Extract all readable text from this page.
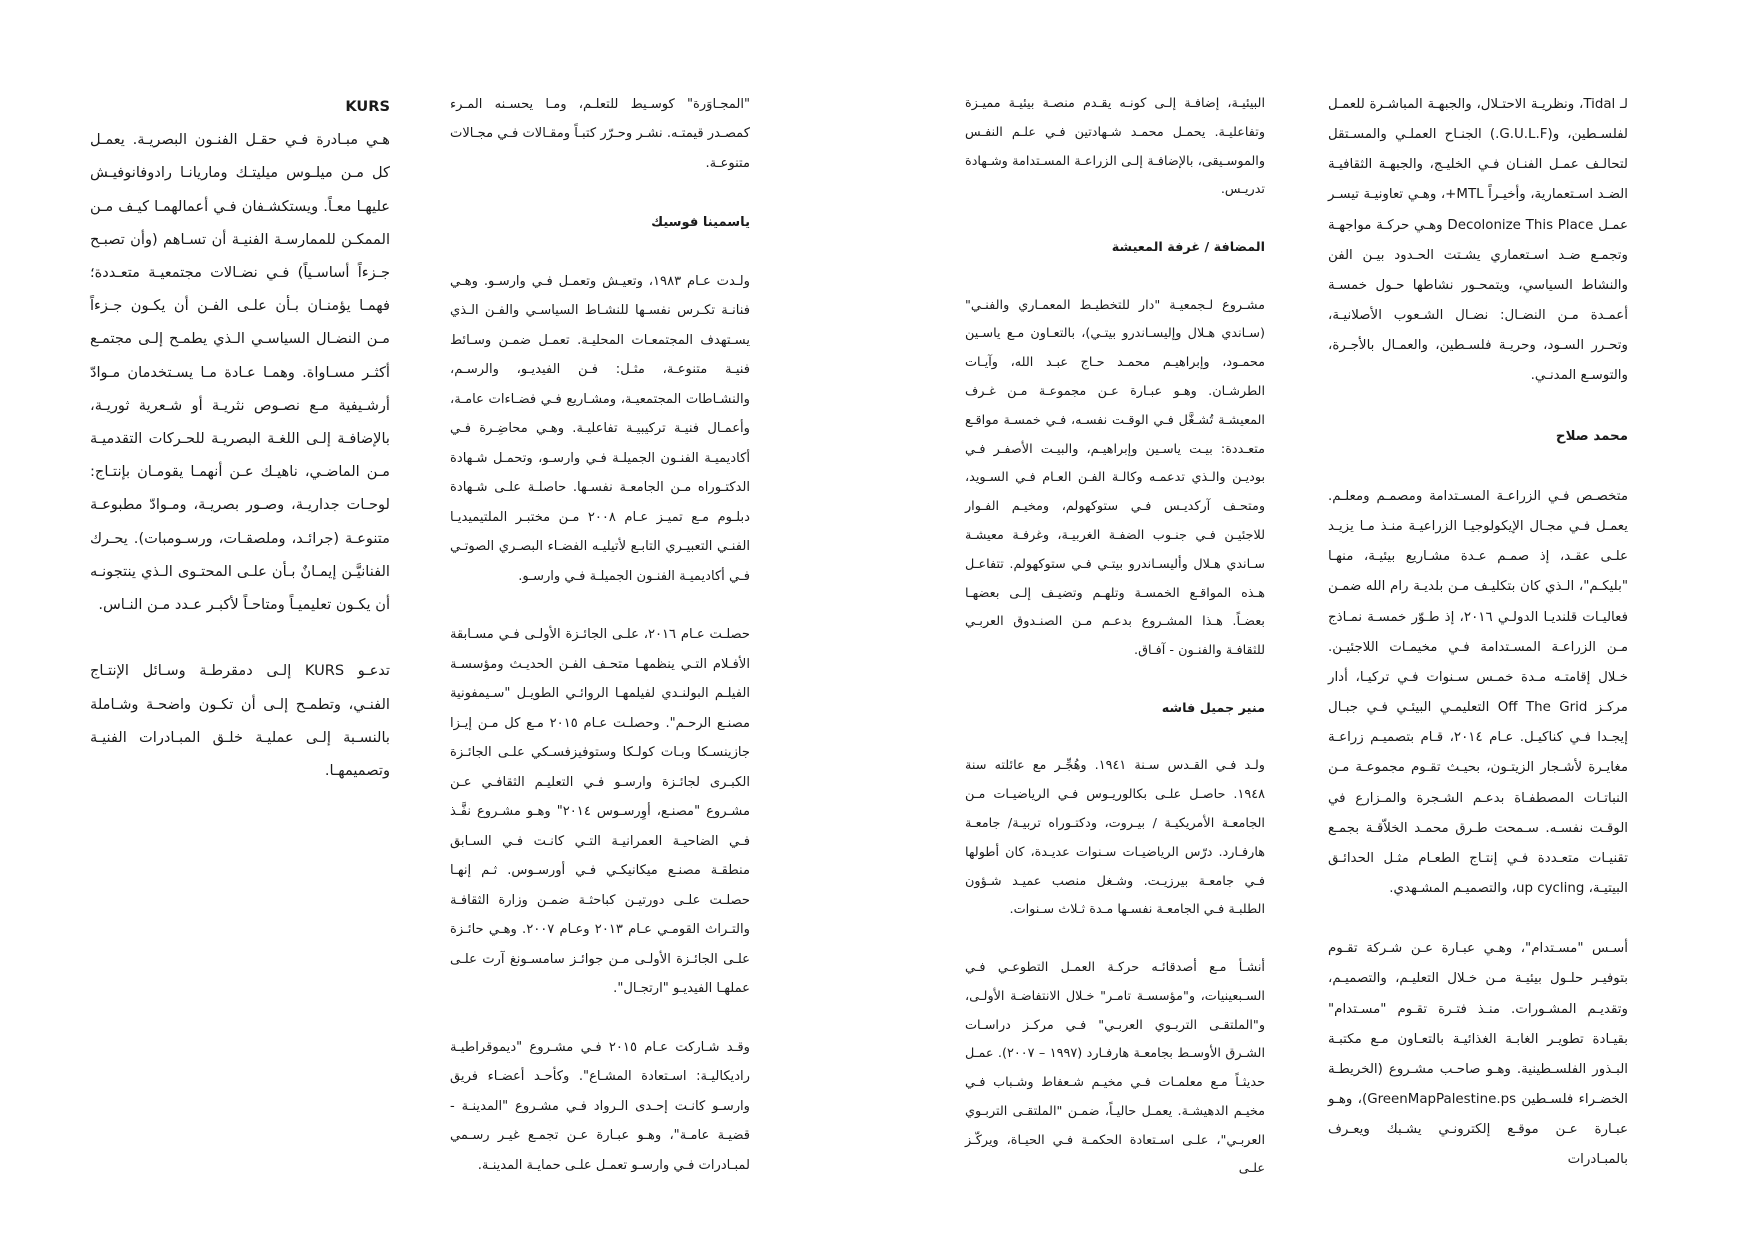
لـ Tidal، ونظريـة الاحتـلال، والجبهـة المباشـرة للعمـل لفلسـطين، و(G.U.L.F.) الجنـاح العملـي والمسـتقل لتحالـف عمـل الفنـان فـي الخليـج، والجبهـة الثقافيـة الضـد اسـتعمارية، وأخيـراً MTL+، وهـي تعاونيـة تيسـر عمـل Decolonize This Place وهـي حركـة مواجهـة وتجمـع ضـد اسـتعماري يشـتت الحـدود بيـن الفن والنشاط السياسي، ويتمحـور نشاطها حـول خمسـة أعمـدة مـن النضـال: نضـال الشـعوب الأصلانيـة، وتحـرر السـود، وحريـة فلسـطين، والعمـال بالأجـرة، والتوسـع المدنـي.

محمد صلاح

متخصـص فـي الزراعـة المسـتدامة ومصمـم ومعلـم. يعمـل فـي مجـال الإيكولوجيـا الزراعيـة منـذ مـا يزيـد علـى عقـد، إذ صمـم عـدة مشـاريع بيئيـة، منهـا "بليكـم"، الـذي كان بتكليـف مـن بلديـة رام الله ضمـن فعاليـات قلنديـا الدولـي ٢٠١٦، إذ طـوّر خمسـة نمـاذج مـن الزراعـة المسـتدامة فـي مخيمـات اللاجئيـن. خـلال إقامتـه مـدة خمـس سـنوات فـي تركيـا، أدار مركـز Off The Grid التعليمـي البيئـي فـي جبـال إيجـدا فـي كناكيـل. عـام ٢٠١٤، قـام بتصميـم زراعـة مغايـرة لأشـجار الزيتـون، بحيـث تقـوم مجموعـة مـن النباتـات المصطفـاة بدعـم الشـجرة والمـزارع في الوقـت نفسـه. سـمحت طـرق محمـد الخلاّقـة بجمـع تقنيـات متعـددة فـي إنتـاج الطعـام مثـل الحدائـق البيتيـة، up cycling، والتصميـم المشـهدي.

أسـس "مسـتدام"، وهـي عبـارة عـن شـركة تقـوم بتوفيـر حلـول بيئيـة مـن خـلال التعليـم، والتصميـم، وتقديـم المشـورات. منـذ فتـرة تقـوم "مسـتدام" بقيـادة تطويـر الغابـة الغذائيـة بالتعـاون مـع مكتبـة البـذور الفلسـطينية. وهـو صاحـب مشـروع (الخريطـة الخضـراء فلسـطين GreenMapPalestine.ps)، وهـو عبـارة عـن موقـع إلكترونـي يشـبك ويعـرف بالمبـادرات

البيئيـة، إضافـة إلـى كونـه يقـدم منصـة بيئيـة مميـزة وتفاعليـة. يحمـل محمـد شـهادتين فـي علـم النفـس والموسـيقى، بالإضافـة إلـى الزراعـة المسـتدامة وشـهادة تدريـس.

المضافة / غرفة المعيشة

مشـروع لـجمعيـة "دار للتخطيـط المعمـاري والفنـي" (سـاندي هـلال وإليسـاندرو بيتـي)، بالتعـاون مـع ياسـين محمـود، وإبراهيـم محمـد حـاج عبـد الله، وآيـات الطرشـان. وهـو عبـارة عـن مجموعـة مـن غـرف المعيشـة تُشـغَّل فـي الوقـت نفسـه، فـي خمسـة مواقـع متعـددة: بيـت ياسـين وإبراهيـم، والبيـت الأصفـر فـي بوديـن والـذي تدعمـه وكالـة الفـن العـام فـي السـويد، ومتحـف آركديـس فـي ستوكهولم، ومخيـم الفـوار للاجئيـن فـي جنـوب الضفـة الغربيـة، وغرفـة معيشـة سـاندي هـلال وأليسـاندرو بيتـي فـي ستوكهولم. تتفاعـل هـذه المواقـع الخمسـة وتلهـم وتضيـف إلـى بعضهـا بعضـاً. هـذا المشـروع بدعـم مـن الصنـدوق العربـي للثقافـة والفنـون - آفـاق.

منير جميل فاشه

ولـد فـي القـدس سـنة ١٩٤١. وهُجِّـر مع عائلته سنة ١٩٤٨. حاصـل علـى بكالوريـوس فـي الرياضيـات مـن الجامعـة الأمريكيـة / بيـروت، ودكتـوراه تربيـة/ جامعـة هارفـارد. درّس الرياضيـات سـنوات عديـدة، كان أطولها فـي جامعـة بيرزيـت. وشـغل منصب عميـد شـؤون الطلبـة فـي الجامعـة نفسـها مـدة ثـلاث سـنوات.

أنشـأ مـع أصدقائـه حركـة العمـل التطوعـي فـي السـبعينيات، و"مؤسسـة تامـر" خـلال الانتفاضـة الأولـى، و"الملتقـى التربـوي العربـي" فـي مركـز دراسـات الشـرق الأوسـط بجامعـة هارفـارد (١٩٩٧ – ٢٠٠٧). عمـل حديثـاً مـع معلمـات فـي مخيـم شـعفاط وشـباب فـي مخيـم الدهيشـة. يعمـل حاليـاً، ضمـن "الملتقـى التربـوي العربـي"، علـى اسـتعادة الحكمـة فـي الحيـاة، ويركّـز علـى

"المجـاوَرة" كوسـيط للتعلـم، ومـا يحسـنه المـرء كمصـدر قيمتـه. نشـر وحـرّر كتبـاً ومقـالات فـي مجـالات متنوعـة.

ياسمينا فوسيك

ولـدت عـام ١٩٨٣، وتعيـش وتعمـل فـي وارسـو. وهـي فنانـة تكـرس نفسـها للنشـاط السياسـي والفـن الـذي يسـتهدف المجتمعـات المحليـة. تعمـل ضمـن وسـائط فنيـة متنوعـة، مثـل: فـن الفيديـو، والرسـم، والنشـاطات المجتمعيـة، ومشـاريع فـي فضـاءات عامـة، وأعمـال فنيـة تركيبيـة تفاعليـة. وهـي محاضِـرة فـي أكاديميـة الفنـون الجميلـة فـي وارسـو، وتحمـل شـهادة الدكتـوراه مـن الجامعـة نفسـها. حاصلـة علـى شـهادة دبلـوم مـع تميـز عـام ٢٠٠٨ مـن مختبـر الملتيميديـا الفنـي التعبيـري التابـع لأتيليـه الفضـاء البصـري الصوتـي فـي أكاديميـة الفنـون الجميلـة فـي وارسـو.

حصلـت عـام ٢٠١٦، علـى الجائـزة الأولـى فـي مسـابقة الأفـلام التـي ينظمهـا متحـف الفـن الحديـث ومؤسسـة الفيلـم البولنـدي لفيلمهـا الروائـي الطويـل "سـيمفونية مصنـع الرحـم". وحصلـت عـام ٢٠١٥ مـع كل مـن إيـزا جازينسـكا وبـات كولـكا وستوفيزفسـكي علـى الجائـزة الكبـرى لجائـزة وارسـو فـي التعليـم الثقافـي عـن مشـروع "مصنـع، أوِرسـوس ٢٠١٤" وهـو مشـروع نفَّـذ فـي الضاحيـة العمرانيـة التـي كانـت فـي السـابق منطقـة مصنـع ميكانيكـي فـي أورسـوس. ثـم إنهـا حصلـت علـى دورتيـن كباحثـة ضمـن وزارة الثقافـة والتـراث القومـي عـام ٢٠١٣ وعـام ٢٠٠٧. وهـي حائـزة علـى الجائـزة الأولـى مـن جوائـز سامسـونغ آرت علـى عملهـا الفيديـو "ارتجـال".

وقـد شـاركت عـام ٢٠١٥ فـي مشـروع "ديموقراطيـة راديكاليـة: اسـتعادة المشـاع". وكأحـد أعضـاء فريق وارسـو كانـت إحـدى الـرواد فـي مشـروع "المدينـة - قضيـة عامـة"، وهـو عبـارة عـن تجمـع غيـر رسـمي لمبـادرات فـي وارسـو تعمـل علـى حمايـة المدينـة.

KURS

هـي مبـادرة فـي حقـل الفنـون البصريـة. يعمـل كل مـن ميلـوس ميليتـك وماريانـا رادوفانوفيـش عليهـا معـاً. ويستكشـفان فـي أعمالهمـا كيـف مـن الممكـن للممارسـة الفنيـة أن تسـاهم (وأن تصبـح جـزءاً أساسـياً) فـي نضـالات مجتمعيـة متعـددة؛ فهمـا يؤمنـان بـأن علـى الفـن أن يكـون جـزءاً مـن النضـال السياسـي الـذي يطمـح إلـى مجتمـع أكثـر مسـاواة. وهمـا عـادة مـا يسـتخدمان مـوادّ أرشـيفية مـع نصـوص نثريـة أو شـعرية ثوريـة، بالإضافـة إلـى اللغـة البصريـة للحـركات التقدميـة مـن الماضـي، ناهيـك عـن أنهمـا يقومـان بإنتـاج: لوحـات جداريـة، وصـور بصريـة، ومـوادّ مطبوعـة متنوعـة (جرائـد، وملصقـات، ورسـومبات). يحـرك الفنانيَّـن إيمـانٌ بـأن علـى المحتـوى الـذي ينتجونـه أن يكـون تعليميـاً ومتاحـاً لأكبـر عـدد مـن النـاس.

تدعـو KURS إلـى دمقرطـة وسـائل الإنتـاج الفنـي، وتطمـح إلـى أن تكـون واضحـة وشـاملة بالنسـبة إلـى عمليـة خلـق المبـادرات الفنيـة وتصميمهـا.
